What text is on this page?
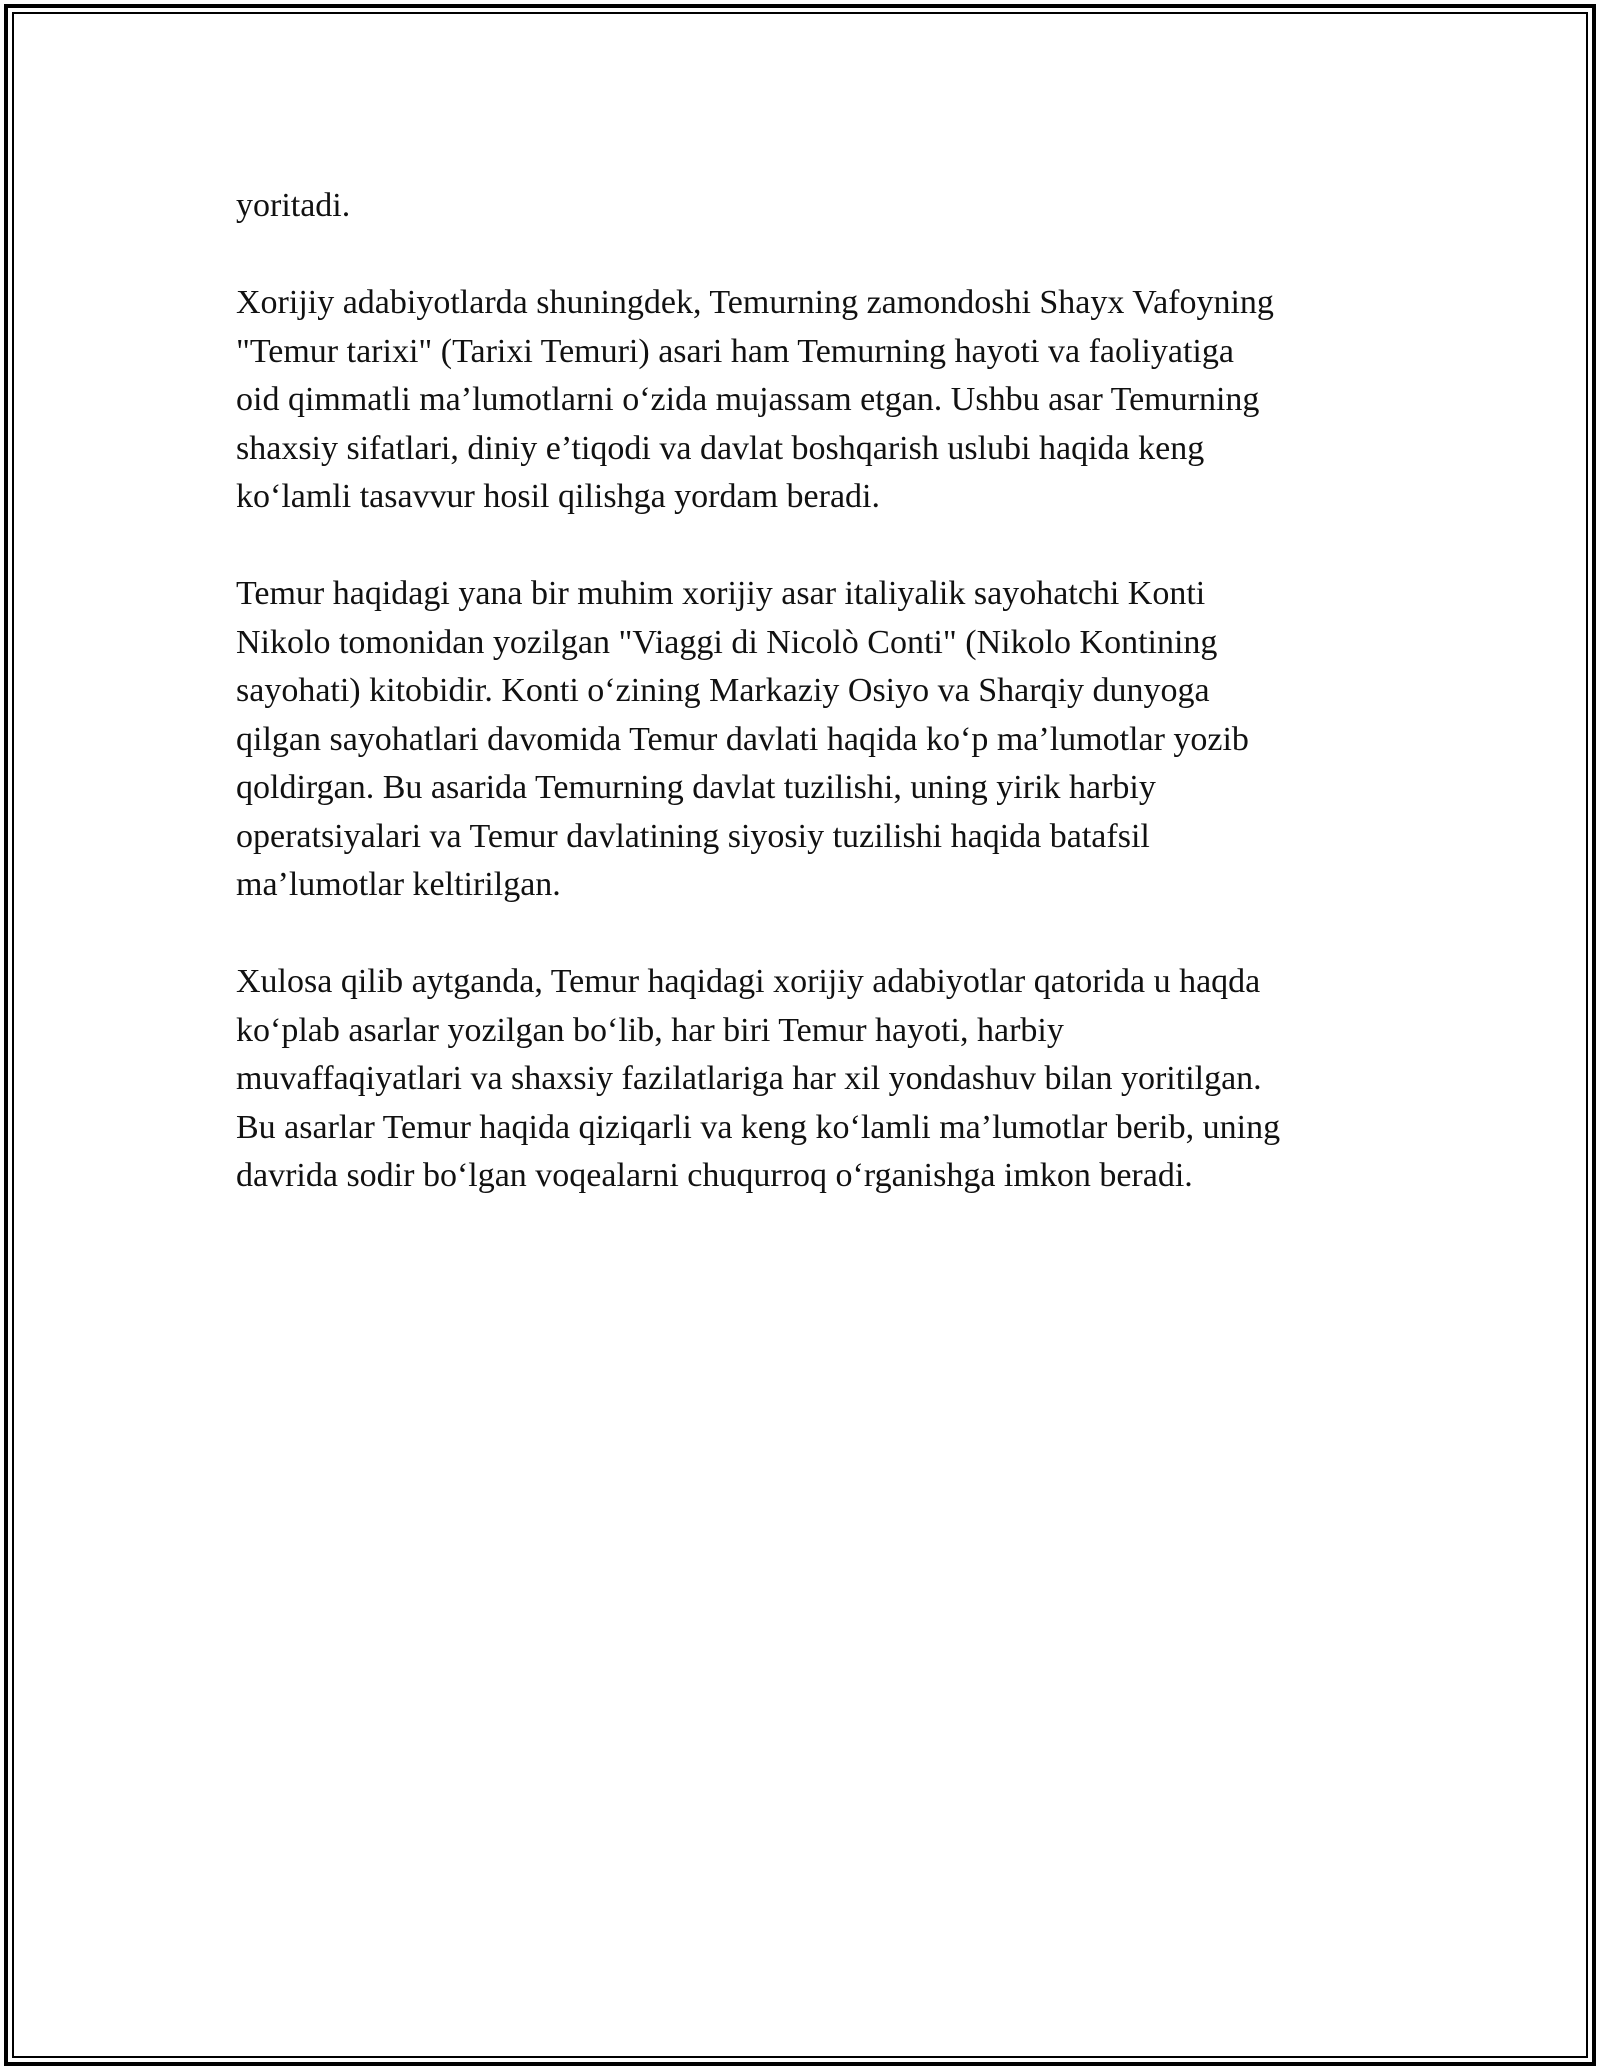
yoritadi.

Xorijiy adabiyotlarda shuningdek, Temurning zamondoshi Shayx Vafoyning
"Temur tarixi" (Tarixi Temuri) asari ham Temurning hayoti va faoliyatiga
oid qimmatli ma’lumotlarni o‘zida mujassam etgan. Ushbu asar Temurning
shaxsiy sifatlari, diniy e’tiqodi va davlat boshqarish uslubi haqida keng
ko‘lamli tasavvur hosil qilishga yordam beradi.

Temur haqidagi yana bir muhim xorijiy asar italiyalik sayohatchi Konti
Nikolo tomonidan yozilgan "Viaggi di Nicolò Conti" (Nikolo Kontining
sayohati) kitobidir. Konti o‘zining Markaziy Osiyo va Sharqiy dunyoga
qilgan sayohatlari davomida Temur davlati haqida ko‘p ma’lumotlar yozib
qoldirgan. Bu asarida Temurning davlat tuzilishi, uning yirik harbiy
operatsiyalari va Temur davlatining siyosiy tuzilishi haqida batafsil
ma’lumotlar keltirilgan.

Xulosa qilib aytganda, Temur haqidagi xorijiy adabiyotlar qatorida u haqda
ko‘plab asarlar yozilgan bo‘lib, har biri Temur hayoti, harbiy
muvaffaqiyatlari va shaxsiy fazilatlariga har xil yondashuv bilan yoritilgan.
Bu asarlar Temur haqida qiziqarli va keng ko‘lamli ma’lumotlar berib, uning
davrida sodir bo‘lgan voqealarni chuqurroq o‘rganishga imkon beradi.
